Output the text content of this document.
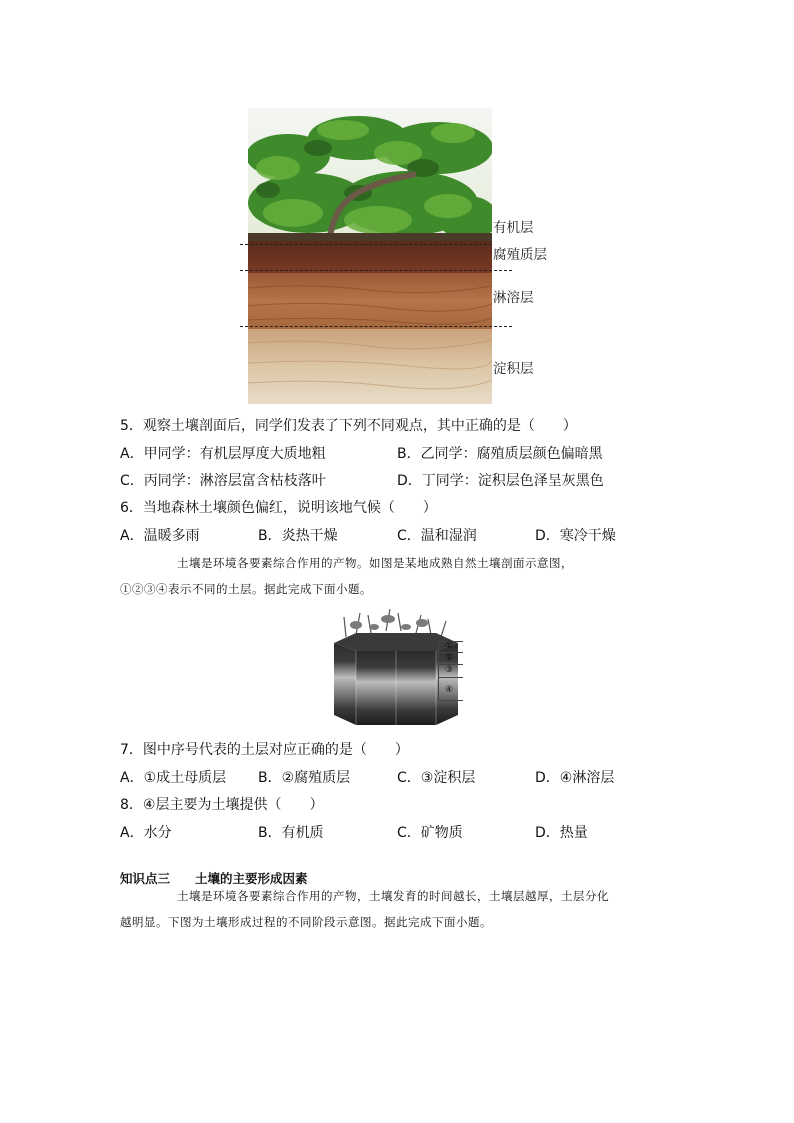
有机层
腐殖质层
淋溶层
淀积层
5．观察土壤剖面后，同学们发表了下列不同观点，其中正确的是（　　）
A．甲同学：有机层厚度大质地粗	B．乙同学：腐殖质层颜色偏暗黑
C．丙同学：淋溶层富含枯枝落叶	D．丁同学：淀积层色泽呈灰黑色
6．当地森林土壤颜色偏红，说明该地气候（　　）
A．温暖多雨	B．炎热干燥	C．温和湿润	D．寒冷干燥
土壤是环境各要素综合作用的产物。如图是某地成熟自然土壤剖面示意图，
①②③④表示不同的土层。据此完成下面小题。
①
②
③
④
7．图中序号代表的土层对应正确的是（　　）
A．①成土母质层 B．②腐殖质层	C．③淀积层	D．④淋溶层
8．④层主要为土壤提供（　　）
A．水分	B．有机质	C．矿物质	D．热量
知识点三　　土壤的主要形成因素
土壤是环境各要素综合作用的产物，土壤发育的时间越长，土壤层越厚，土层分化
越明显。下图为土壤形成过程的不同阶段示意图。据此完成下面小题。
